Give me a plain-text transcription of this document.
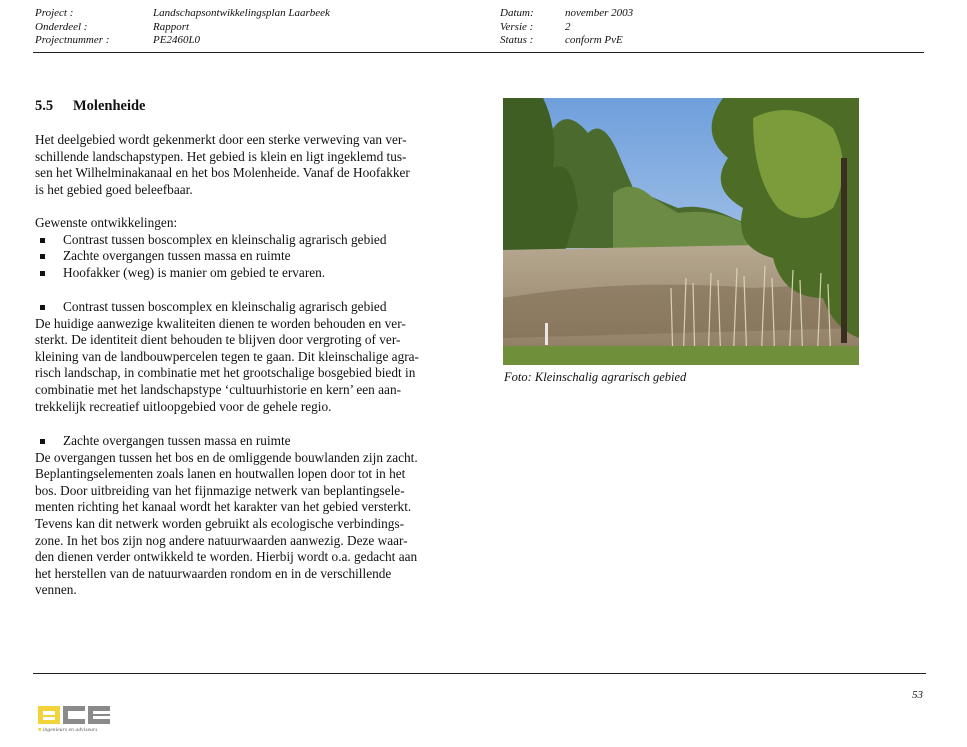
Project :
Onderdeel :
Projectnummer :
Landschapsontwikkelingsplan Laarbeek
Rapport
PE2460L0
Datum:
Versie :
Status :
november 2003
2
conform PvE
5.5 Molenheide

Het deelgebied wordt gekenmerkt door een sterke verweving van ver-

schillende landschapstypen. Het gebied is klein en ligt ingeklemd tus-

sen het Wilhelminakanaal en het bos Molenheide. Vanaf de Hoofakker

is het gebied goed beleefbaar.

Gewenste ontwikkelingen:

Contrast tussen boscomplex en kleinschalig agrarisch gebied

Zachte overgangen tussen massa en ruimte

Hoofakker (weg) is manier om gebied te ervaren.

Contrast tussen boscomplex en kleinschalig agrarisch gebied

De huidige aanwezige kwaliteiten dienen te worden behouden en ver-

sterkt. De identiteit dient behouden te blijven door vergroting of ver-

kleining van de landbouwpercelen tegen te gaan. Dit kleinschalige agra-

risch landschap, in combinatie met het grootschalige bosgebied biedt in

combinatie met het landschapstype ‘cultuurhistorie en kern’ een aan-

trekkelijk recreatief uitloopgebied voor de gehele regio.

Zachte overgangen tussen massa en ruimte

De overgangen tussen het bos en de omliggende bouwlanden zijn zacht.

Beplantingselementen zoals lanen en houtwallen lopen door tot in het

bos. Door uitbreiding van het fijnmazige netwerk van beplantingsele-

menten richting het kanaal wordt het karakter van het gebied versterkt.

Tevens kan dit netwerk worden gebruikt als ecologische verbindings-

zone. In het bos zijn nog andere natuurwaarden aanwezig. Deze waar-

den dienen verder ontwikkeld te worden. Hierbij wordt o.a. gedacht aan

het herstellen van de natuurwaarden rondom en in de verschillende

vennen.

Foto: Kleinschalig agrarisch gebied
53
■ ingenieurs en adviseurs
